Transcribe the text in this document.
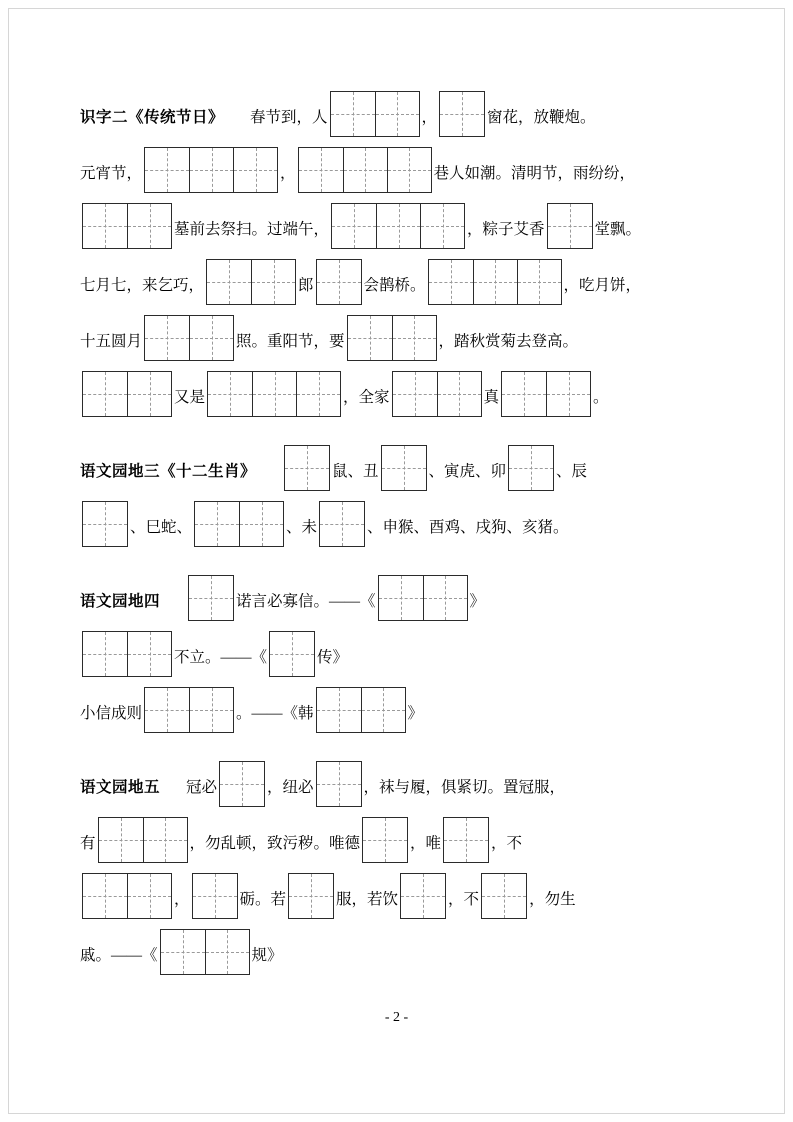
识字二《传统节日》 春节到，人	，	窗花，放鞭炮。

元宵节，	，	巷人如潮。清明节，雨纷纷，

墓前去祭扫。过端午，	，粽子艾香	堂飘。

七月七，来乞巧，	郎	会鹊桥。	，吃月饼，

十五圆月	照。重阳节，要	，踏秋赏菊去登高。

又是	，全家	真	。

语文园地三《十二生肖》	鼠、丑	、寅虎、卯	、辰

、巳蛇、	、未	、申猴、酉鸡、戌狗、亥猪。

语文园地四	诺言必寡信。——《	》

不立。——《	传》

小信成则	。——《韩	》

语文园地五 冠必	，纽必	，袜与履，俱紧切。置冠服，

有	，勿乱顿，致污秽。唯德	，唯	，不

，	砺。若	服，若饮	，不	，勿生

戚。——《	规》

- 2 -
